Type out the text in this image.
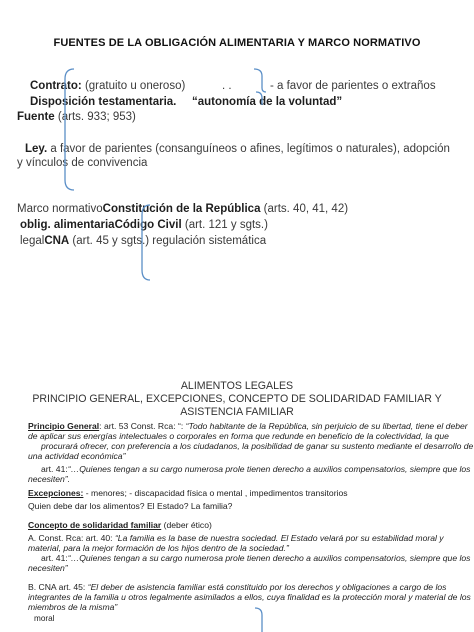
FUENTES DE LA OBLIGACIÓN ALIMENTARIA Y MARCO NORMATIVO
Contrato: (gratuito u oneroso)	. .	- a favor de parientes o extraños
Disposición testamentaria. “autonomía de la voluntad”
Fuente (arts. 933; 953)
Ley. a favor de parientes (consanguíneos o afines, legítimos o naturales), adopción
y vínculos de convivencia
Marco normativoConstitución de la República (arts. 40, 41, 42)
oblig. alimentariaCódigo Civil (art. 121 y sgts.)
legalCNA (art. 45 y sgts.) regulación sistemática
ALIMENTOS LEGALES
PRINCIPIO GENERAL, EXCEPCIONES, CONCEPTO DE SOLIDARIDAD FAMILIAR Y
ASISTENCIA FAMILIAR
Principio General: art. 53 Const. Rca: “: “Todo habitante de la República, sin perjuicio de su libertad, tiene el deber
de aplicar sus energías intelectuales o corporales en forma que redunde en beneficio de la colectividad, la que
procurará ofrecer, con preferencia a los ciudadanos, la posibilidad de ganar su sustento mediante el desarrollo de
una actividad económica”
art. 41:“…Quienes tengan a su cargo numerosa prole tienen derecho a auxilios compensatorios, siempre que los
necesiten”.
Excepciones: - menores; - discapacidad física o mental , impedimentos transitorios
Quien debe dar los alimentos? El Estado? La familia?
Concepto de solidaridad familiar (deber ético)
A. Const. Rca: art. 40: “La familia es la base de nuestra sociedad. El Estado velará por su estabilidad moral y
material, para la mejor formación de los hijos dentro de la sociedad.”
art. 41:“…Quienes tengan a su cargo numerosa prole tienen derecho a auxilios compensatorios, siempre que los
necesiten”
B. CNA art. 45: “El deber de asistencia familiar está constituido por los derechos y obligaciones a cargo de los
integrantes de la familia u otros legalmente asimilados a ellos, cuya finalidad es la protección moral y material de los
miembros de la misma”
moral
